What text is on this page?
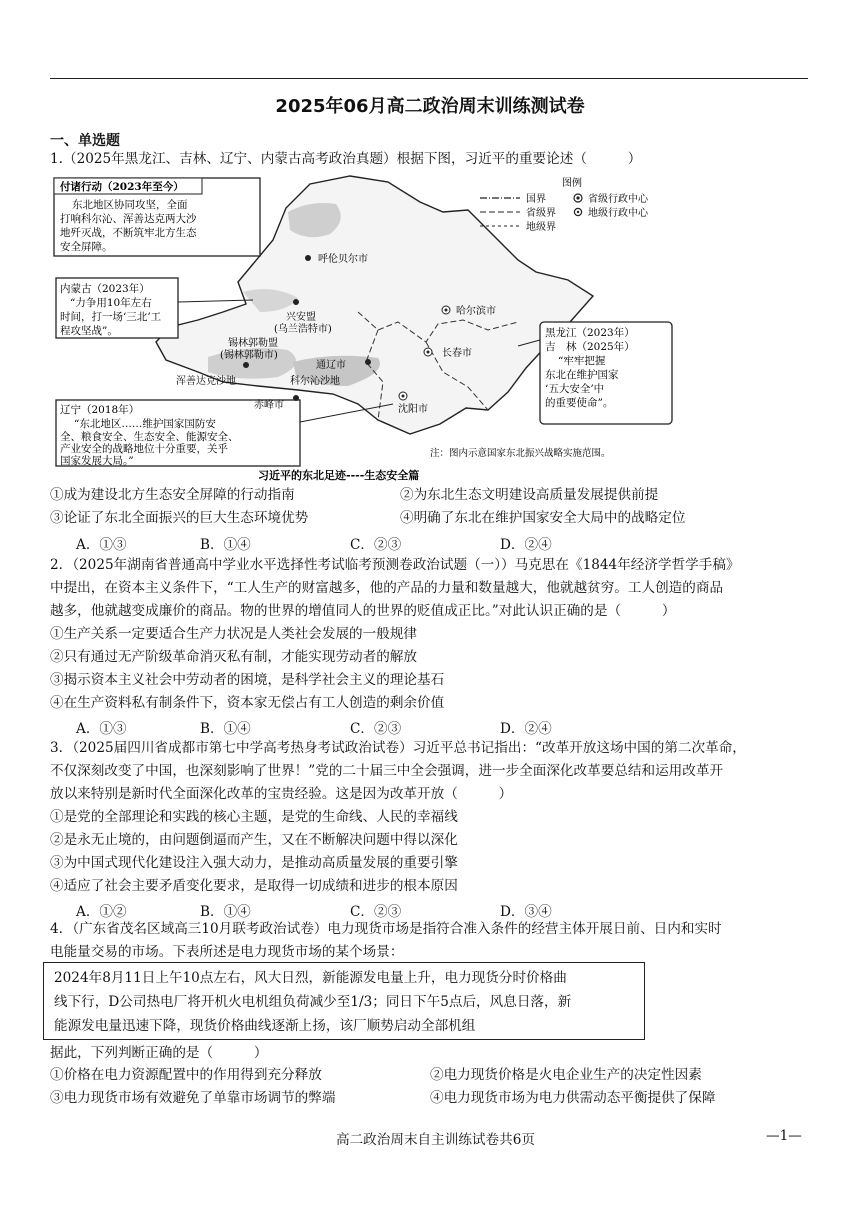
2025年06月高二政治周末训练测试卷
一、单选题
1.（2025年黑龙江、吉林、辽宁、内蒙古高考政治真题）根据下图，习近平的重要论述（　　　）
付诸行动（2023年至今）
东北地区协同攻坚，全面
打响科尔沁、浑善达克两大沙
地歼灭战，不断筑牢北方生态
安全屏障。
内蒙古（2023年）
“力争用10年左右
时间，打一场‘三北’工
程攻坚战”。
辽宁（2018年）
“东北地区……维护国家国防安
全、粮食安全、生态安全、能源安全、
产业安全的战略地位十分重要，关乎
国家发展大局。”
黑龙江（2023年）
吉　林（2025年）
“牢牢把握
东北在维护国家
‘五大安全’中
的重要使命”。
图例
国界
省级界
地级界
省级行政中心
地级行政中心
呼伦贝尔市
哈尔滨市
兴安盟
(乌兰浩特市)
锡林郭勒盟
(锡林郭勒市)
通辽市
长春市
浑善达克沙地	科尔沁沙地
赤峰市	沈阳市
注：图内示意国家东北振兴战略实施范围。
习近平的东北足迹----生态安全篇
①成为建设北方生态安全屏障的行动指南	②为东北生态文明建设高质量发展提供前提
③论证了东北全面振兴的巨大生态环境优势	④明确了东北在维护国家安全大局中的战略定位
A．①③	B．①④	C．②③	D．②④
2．（2025年湖南省普通高中学业水平选择性考试临考预测卷政治试题（一））马克思在《1844年经济学哲学手稿》
中提出，在资本主义条件下，“工人生产的财富越多，他的产品的力量和数量越大，他就越贫穷。工人创造的商品
越多，他就越变成廉价的商品。物的世界的增值同人的世界的贬值成正比。”对此认识正确的是（　　　）
①生产关系一定要适合生产力状况是人类社会发展的一般规律
②只有通过无产阶级革命消灭私有制，才能实现劳动者的解放
③揭示资本主义社会中劳动者的困境，是科学社会主义的理论基石
④在生产资料私有制条件下，资本家无偿占有工人创造的剩余价值
A．①③	B．①④	C．②③	D．②④
3．（2025届四川省成都市第七中学高考热身考试政治试卷）习近平总书记指出：“改革开放这场中国的第二次革命，
不仅深刻改变了中国，也深刻影响了世界！”党的二十届三中全会强调，进一步全面深化改革要总结和运用改革开
放以来特别是新时代全面深化改革的宝贵经验。这是因为改革开放（　　　）
①是党的全部理论和实践的核心主题，是党的生命线、人民的幸福线
②是永无止境的，由问题倒逼而产生，又在不断解决问题中得以深化
③为中国式现代化建设注入强大动力，是推动高质量发展的重要引擎
④适应了社会主要矛盾变化要求，是取得一切成绩和进步的根本原因
A．①②	B．①④	C．②③	D．③④
4．（广东省茂名区域高三10月联考政治试卷）电力现货市场是指符合准入条件的经营主体开展日前、日内和实时
电能量交易的市场。下表所述是电力现货市场的某个场景：
2024年8月11日上午10点左右，风大日烈，新能源发电量上升，电力现货分时价格曲
线下行，D公司热电厂将开机火电机组负荷减少至1/3；同日下午5点后，风息日落，新
能源发电量迅速下降，现货价格曲线逐渐上扬，该厂顺势启动全部机组
据此，下列判断正确的是（　　　）
①价格在电力资源配置中的作用得到充分释放	②电力现货价格是火电企业生产的决定性因素
③电力现货市场有效避免了单靠市场调节的弊端	④电力现货市场为电力供需动态平衡提供了保障
高二政治周末自主训练试卷共6页	—1—
